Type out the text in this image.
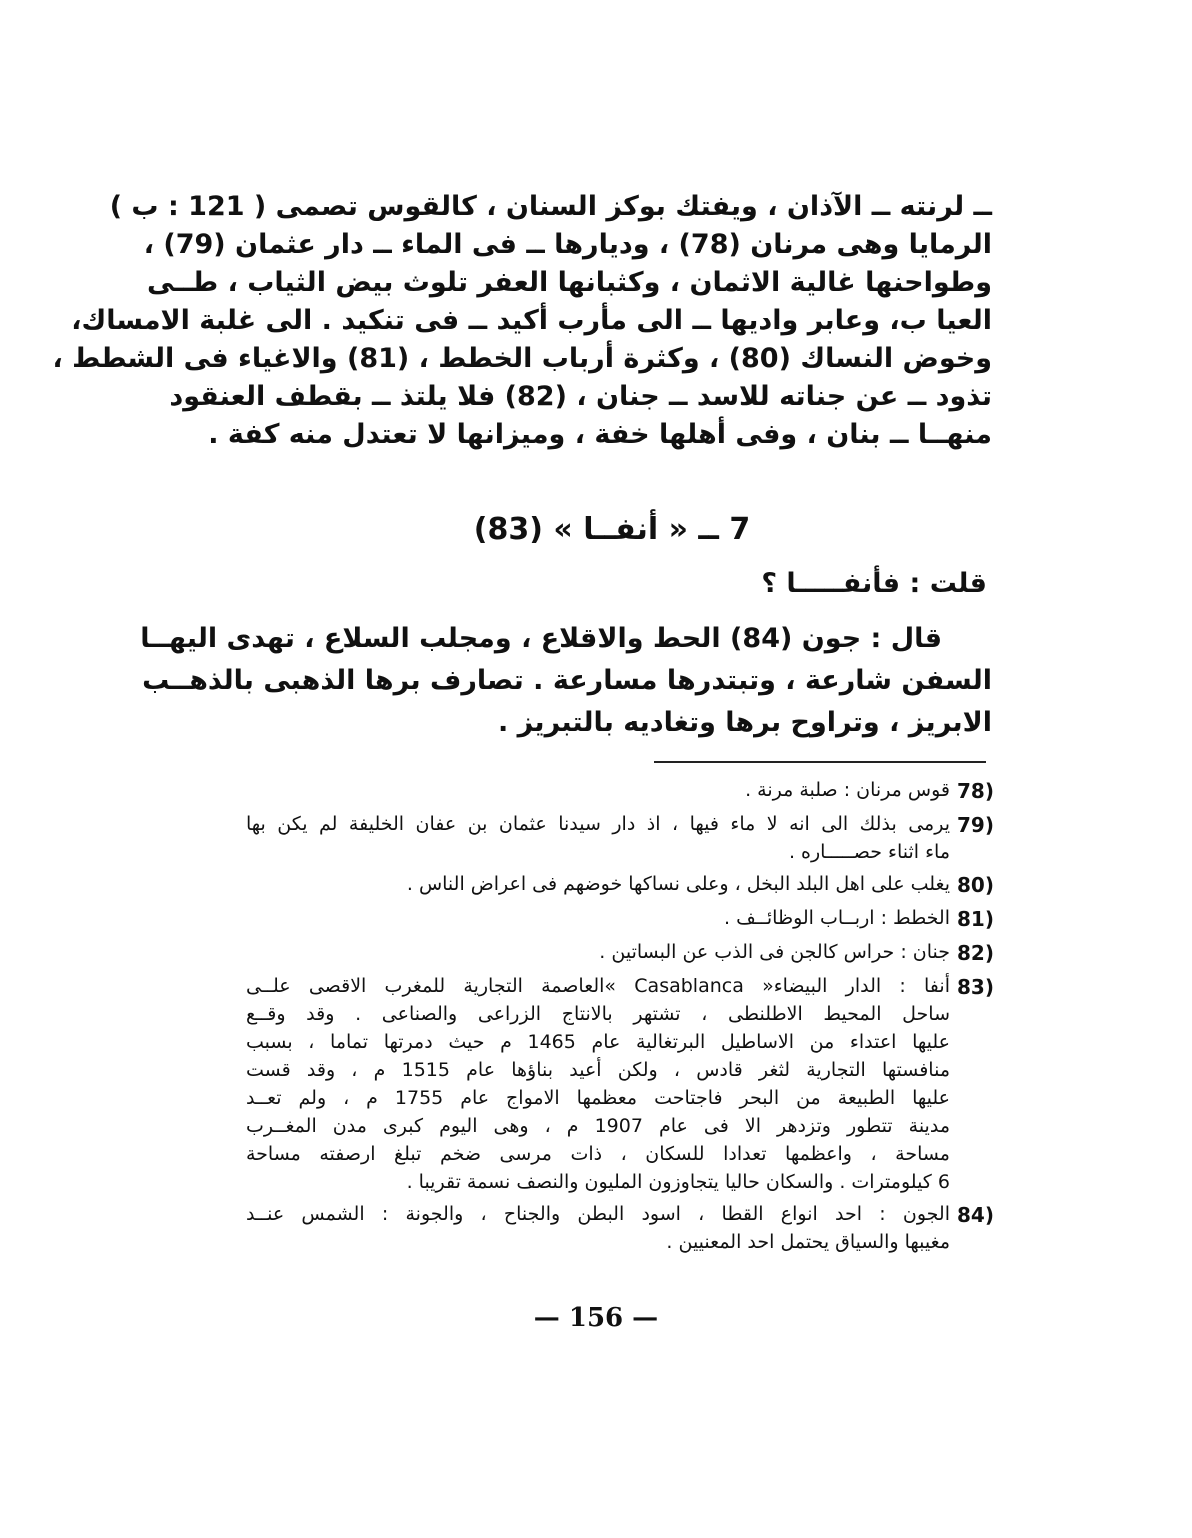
ــ لرنته ــ الآذان ، ويفتك بوكز السنان ، كالقوس تصمى ( 121 : ب )
الرمايا وهى مرنان (78) ، وديارها ــ فى الماء ــ دار عثمان (79) ،
وطواحنها غالية الاثمان ، وكثبانها العفر تلوث بيض الثياب ، طــى
العيا ب، وعابر واديها ــ الى مأرب أكيد ــ فى تنكيد . الى غلبة الامساك،
وخوض النساك (80) ، وكثرة أرباب الخطط ، (81) والاغياء فى الشطط ،
تذود ــ عن جناته للاسد ــ جنان ، (82) فلا يلتذ ــ بقطف العنقود
منهــا ــ بنان ، وفى أهلها خفة ، وميزانها لا تعتدل منه كفة .
7 ــ « أنفــا » (83)
قلت : فأنفـــــا ؟
قال : جون (84) الحط والاقلاع ، ومجلب السلاع ، تهدى اليهــا
السفن شارعة ، وتبتدرها مسارعة . تصارف برها الذهبى بالذهــب
الابريز ، وتراوح برها وتغاديه بالتبريز .
78)
قوس مرنان : صلبة مرنة .
79)
يرمى بذلك الى انه لا ماء فيها ، اذ دار سيدنا عثمان بن عفان الخليفة لم يكن بها
ماء اثناء حصـــــاره .
80)
يغلب على اهل البلد البخل ، وعلى نساكها خوضهم فى اعراض الناس .
81)
الخطط : اربــاب الوظائــف .
82)
جنان : حراس كالجن فى الذب عن البساتين .
83)
أنفا : الدار البيضاء« Casablanca »العاصمة التجارية للمغرب الاقصى علــى
ساحل المحيط الاطلنطى ، تشتهر بالانتاج الزراعى والصناعى . وقد وقــع
عليها اعتداء من الاساطيل البرتغالية عام 1465 م حيث دمرتها تماما ، بسبب
منافستها التجارية لثغر قادس ، ولكن أعيد بناؤها عام 1515 م ، وقد قست
عليها الطبيعة من البحر فاجتاحت معظمها الامواج عام 1755 م ، ولم تعــد
مدينة تتطور وتزدهر الا فى عام 1907 م ، وهى اليوم كبرى مدن المغــرب
مساحة ، واعظمها تعدادا للسكان ، ذات مرسى ضخم تبلغ ارصفته مساحة
6 كيلومترات . والسكان حاليا يتجاوزون المليون والنصف نسمة تقريبا .
84)
الجون : احد انواع القطا ، اسود البطن والجناح ، والجونة : الشمس عنــد
مغيبها والسياق يحتمل احد المعنيين .
— 156 —
